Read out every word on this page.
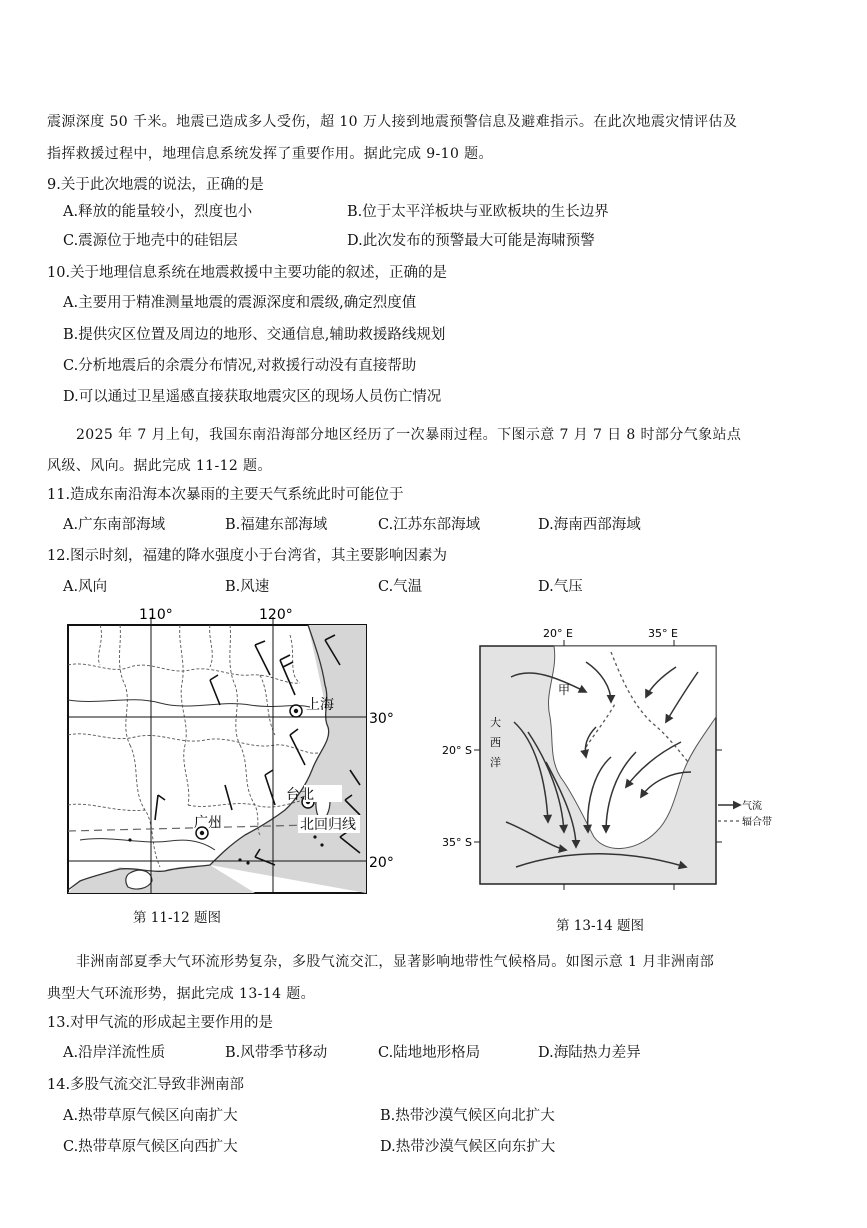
震源深度 50 千米。地震已造成多人受伤，超 10 万人接到地震预警信息及避难指示。在此次地震灾情评估及
指挥救援过程中，地理信息系统发挥了重要作用。据此完成 9-10 题。
9.关于此次地震的说法，正确的是
A.释放的能量较小，烈度也小	B.位于太平洋板块与亚欧板块的生长边界
C.震源位于地壳中的硅铝层	D.此次发布的预警最大可能是海啸预警
10.关于地理信息系统在地震救援中主要功能的叙述，正确的是
A.主要用于精准测量地震的震源深度和震级,确定烈度值
B.提供灾区位置及周边的地形、交通信息,辅助救援路线规划
C.分析地震后的余震分布情况,对救援行动没有直接帮助
D.可以通过卫星遥感直接获取地震灾区的现场人员伤亡情况
2025 年 7 月上旬，我国东南沿海部分地区经历了一次暴雨过程。下图示意 7 月 7 日 8 时部分气象站点
风级、风向。据此完成 11-12 题。
11.造成东南沿海本次暴雨的主要天气系统此时可能位于
A.广东南部海域	B.福建东部海域	C.江苏东部海域	D.海南西部海域
12.图示时刻，福建的降水强度小于台湾省，其主要影响因素为
A.风向	B.风速	C.气温	D.气压
110°	120°
30°
20°
上海
台北
广州	北回归线
第 11-12 题图
20° E	35° E
20° S
35° S
甲
大
西
洋
气流
辐合带
第 13-14 题图
非洲南部夏季大气环流形势复杂，多股气流交汇，显著影响地带性气候格局。如图示意 1 月非洲南部
典型大气环流形势，据此完成 13-14 题。
13.对甲气流的形成起主要作用的是
A.沿岸洋流性质	B.风带季节移动	C.陆地地形格局	D.海陆热力差异
14.多股气流交汇导致非洲南部
A.热带草原气候区向南扩大	B.热带沙漠气候区向北扩大
C.热带草原气候区向西扩大	D.热带沙漠气候区向东扩大
